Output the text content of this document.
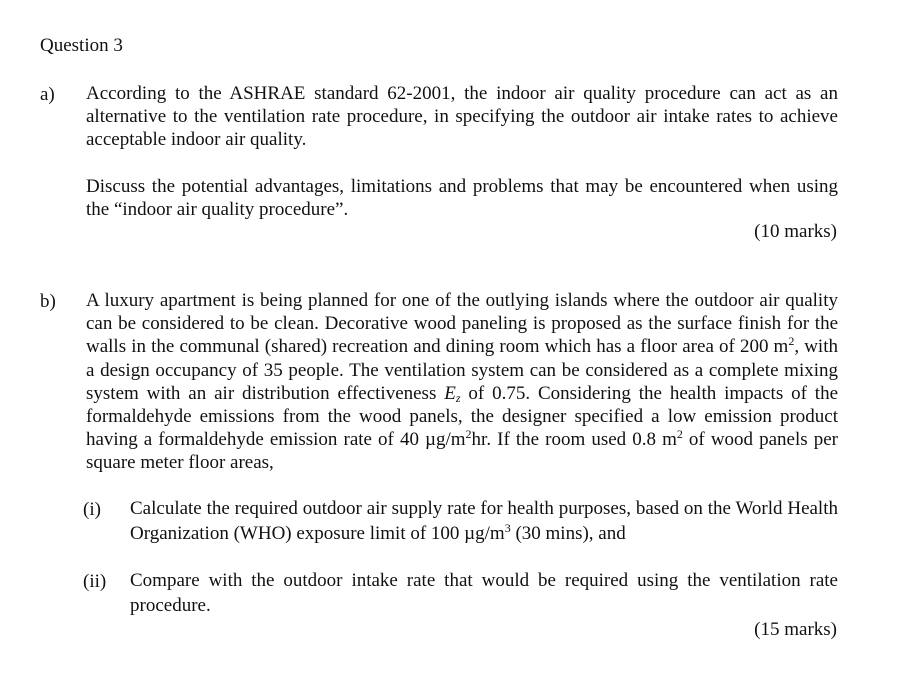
Question 3
a) According to the ASHRAE standard 62-2001, the indoor air quality procedure can act as an alternative to the ventilation rate procedure, in specifying the outdoor air intake rates to achieve acceptable indoor air quality.
Discuss the potential advantages, limitations and problems that may be encountered when using the “indoor air quality procedure”.
(10 marks)
b) A luxury apartment is being planned for one of the outlying islands where the outdoor air quality can be considered to be clean. Decorative wood paneling is proposed as the surface finish for the walls in the communal (shared) recreation and dining room which has a floor area of 200 $m^2$, with a design occupancy of 35 people. The ventilation system can be considered as a complete mixing system with an air distribution effectiveness $E_z$ of 0.75. Considering the health impacts of the formaldehyde emissions from the wood panels, the designer specified a low emission product having a formaldehyde emission rate of 40 $\mu g/m^2hr$. If the room used 0.8 $m^2$ of wood panels per square meter floor areas,
(i) Calculate the required outdoor air supply rate for health purposes, based on the World Health Organization (WHO) exposure limit of 100 $\mu g/m^3$ (30 mins), and
(ii) Compare with the outdoor intake rate that would be required using the ventilation rate procedure.
(15 marks)
